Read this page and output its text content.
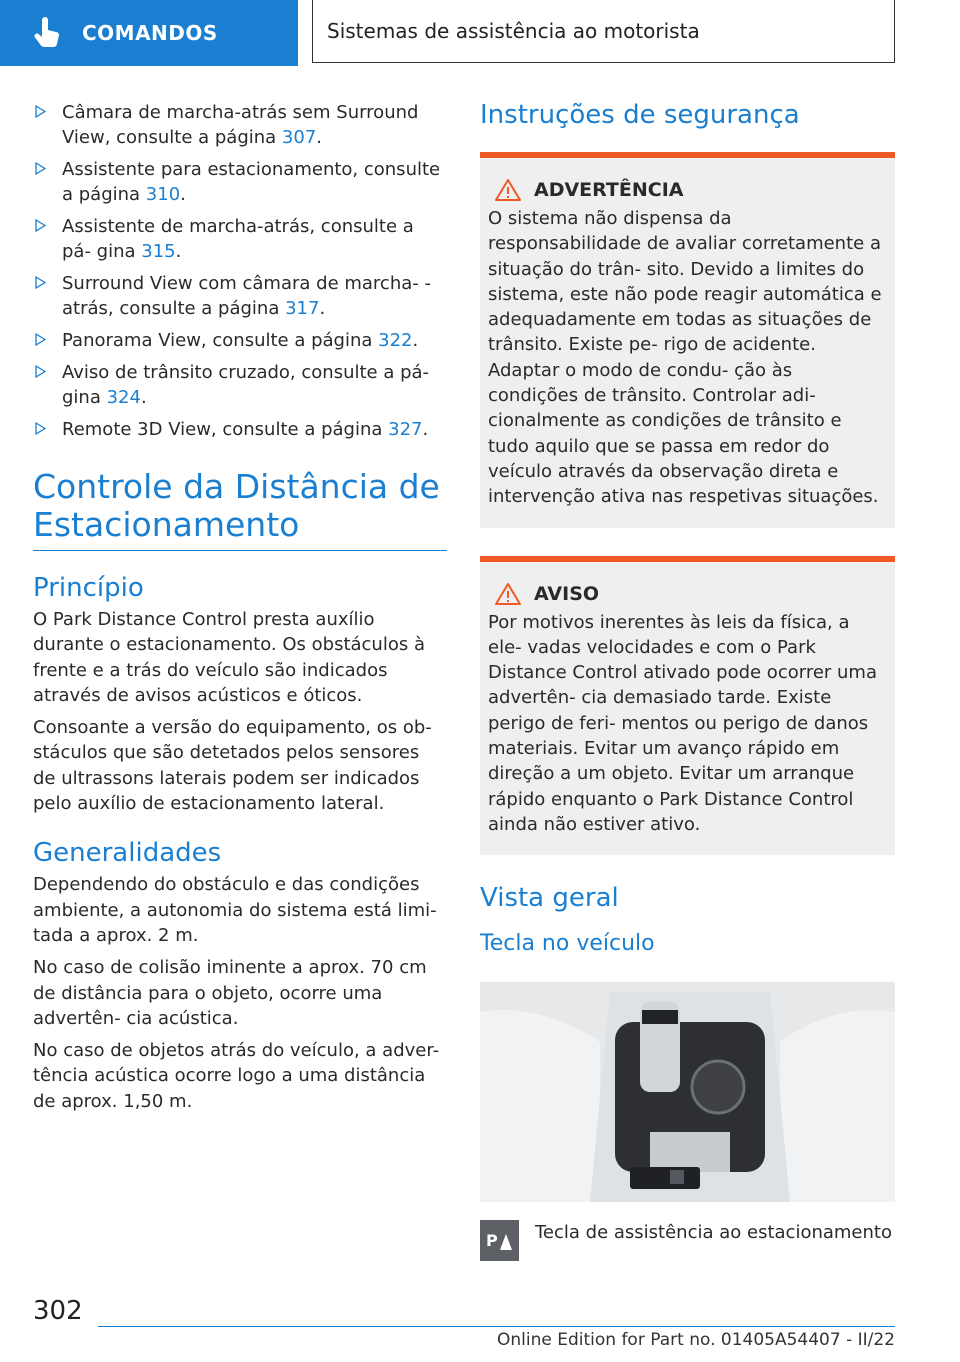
COMANDOS	Sistemas de assistência ao motorista
Câmara de marcha-atrás sem Surround View, consulte a página 307.
Assistente para estacionamento, consulte a página 310.
Assistente de marcha-atrás, consulte a pá- gina 315.
Surround View com câmara de marcha- -atrás, consulte a página 317.
Panorama View, consulte a página 322.
Aviso de trânsito cruzado, consulte a pá- gina 324.
Remote 3D View, consulte a página 327.
Controle da Distância de Estacionamento
Princípio

O Park Distance Control presta auxílio durante o estacionamento. Os obstáculos à frente e a trás do veículo são indicados através de avisos acústicos e óticos.

Consoante a versão do equipamento, os ob- stáculos que são detetados pelos sensores de ultrassons laterais podem ser indicados pelo auxílio de estacionamento lateral.

Generalidades

Dependendo do obstáculo e das condições ambiente, a autonomia do sistema está limi- tada a aprox. 2 m.

No caso de colisão iminente a aprox. 70 cm de distância para o objeto, ocorre uma advertên- cia acústica.

No caso de objetos atrás do veículo, a adver- tência acústica ocorre logo a uma distância de aprox. 1,50 m.

Instruções de segurança
ADVERTÊNCIA

O sistema não dispensa da responsabilidade de avaliar corretamente a situação do trân- sito. Devido a limites do sistema, este não pode reagir automática e adequadamente em todas as situações de trânsito. Existe pe- rigo de acidente. Adaptar o modo de condu- ção às condições de trânsito. Controlar adi- cionalmente as condições de trânsito e tudo aquilo que se passa em redor do veículo através da observação direta e intervenção ativa nas respetivas situações.

AVISO

Por motivos inerentes às leis da física, a ele- vadas velocidades e com o Park Distance Control ativado pode ocorrer uma advertên- cia demasiado tarde. Existe perigo de feri- mentos ou perigo de danos materiais. Evitar um avanço rápido em direção a um objeto. Evitar um arranque rápido enquanto o Park Distance Control ainda não estiver ativo.

Vista geral
Tecla no veículo
P Tecla de assistência ao estacionamento
302
Online Edition for Part no. 01405A54407 - II/22
